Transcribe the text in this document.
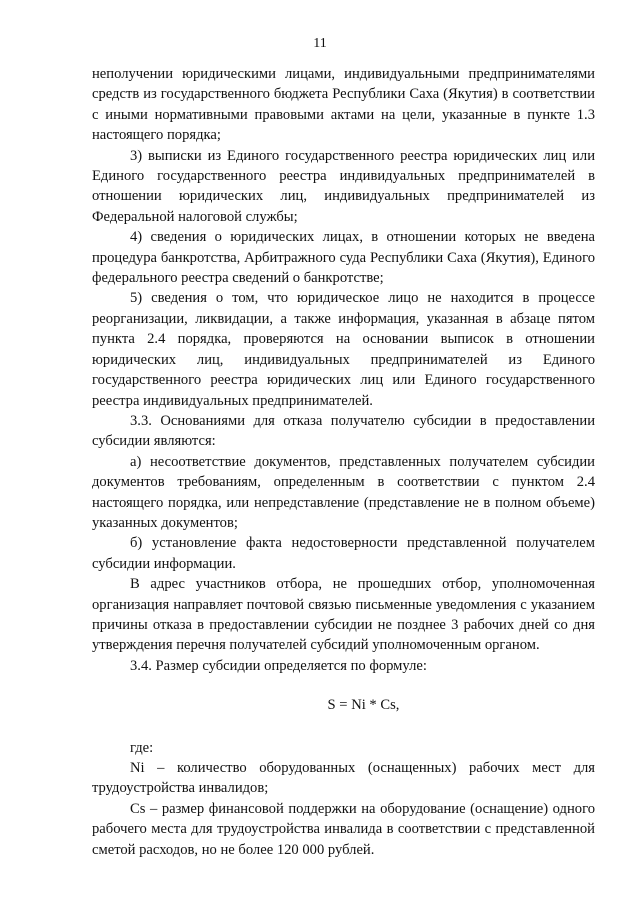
11

неполучении юридическими лицами, индивидуальными предпринимателями средств из государственного бюджета Республики Саха (Якутия) в соответствии с иными нормативными правовыми актами на цели, указанные в пункте 1.3 настоящего порядка;

3) выписки из Единого государственного реестра юридических лиц или Единого государственного реестра индивидуальных предпринимателей в отношении юридических лиц, индивидуальных предпринимателей из Федеральной налоговой службы;

4) сведения о юридических лицах, в отношении которых не введена процедура банкротства, Арбитражного суда Республики Саха (Якутия), Единого федерального реестра сведений о банкротстве;

5) сведения о том, что юридическое лицо не находится в процессе реорганизации, ликвидации, а также информация, указанная в абзаце пятом пункта 2.4 порядка, проверяются на основании выписок в отношении юридических лиц, индивидуальных предпринимателей из Единого государственного реестра юридических лиц или Единого государственного реестра индивидуальных предпринимателей.

3.3. Основаниями для отказа получателю субсидии в предоставлении субсидии являются:

а) несоответствие документов, представленных получателем субсидии документов требованиям, определенным в соответствии с пунктом 2.4 настоящего порядка, или непредставление (представление не в полном объеме) указанных документов;

б) установление факта недостоверности представленной получателем субсидии информации.

В адрес участников отбора, не прошедших отбор, уполномоченная организация направляет почтовой связью письменные уведомления с указанием причины отказа в предоставлении субсидии не позднее 3 рабочих дней со дня утверждения перечня получателей субсидий уполномоченным органом.

3.4. Размер субсидии определяется по формуле:

S = Ni * Cs,

где:

Ni – количество оборудованных (оснащенных) рабочих мест для трудоустройства инвалидов;

Cs – размер финансовой поддержки на оборудование (оснащение) одного рабочего места для трудоустройства инвалида в соответствии с представленной сметой расходов, но не более 120 000 рублей.
